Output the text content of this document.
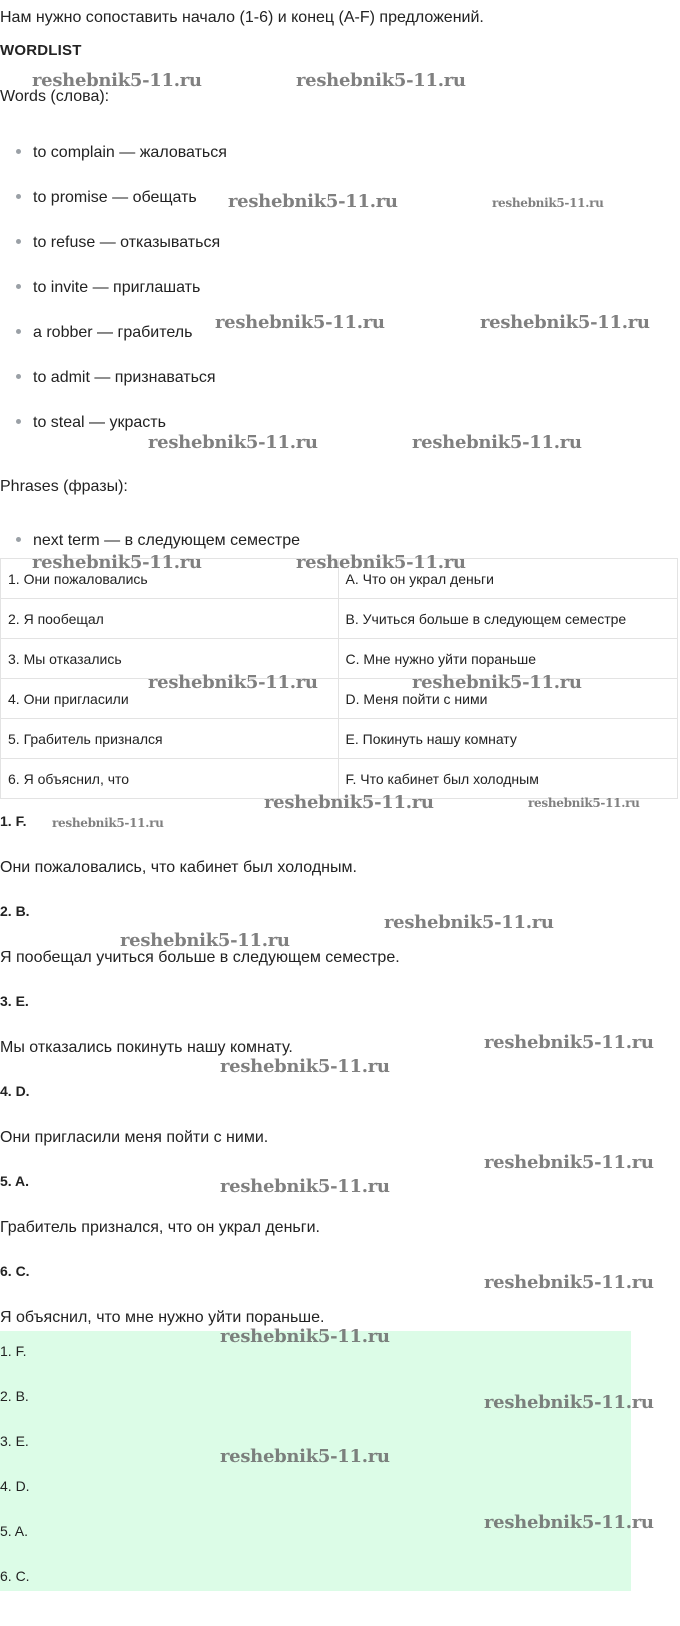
Нам нужно сопоставить начало (1-6) и конец (A-F) предложений.
WORDLIST
Words (слова):
to complain — жаловаться
to promise — обещать
to refuse — отказываться
to invite — приглашать
a robber — грабитель
to admit — признаваться
to steal — украсть
Phrases (фразы):
next term — в следующем семестре
1. Они пожаловались	A. Что он украл деньги
2. Я пообещал	B. Учиться больше в следующем семестре
3. Мы отказались	C. Мне нужно уйти пораньше
4. Они пригласили	D. Меня пойти с ними
5. Грабитель признался	E. Покинуть нашу комнату
6. Я объяснил, что	F. Что кабинет был холодным
1. F.
Они пожаловались, что кабинет был холодным.
2. B.
Я пообещал учиться больше в следующем семестре.
3. E.
Мы отказались покинуть нашу комнату.
4. D.
Они пригласили меня пойти с ними.
5. A.
Грабитель признался, что он украл деньги.
6. C.
Я объяснил, что мне нужно уйти пораньше.
1. F.
2. B.
3. E.
4. D.
5. A.
6. C.
reshebnik5-11.ru	reshebnik5-11.ru
reshebnik5-11.ru	reshebnik5-11.ru
reshebnik5-11.ru	reshebnik5-11.ru
reshebnik5-11.ru	reshebnik5-11.ru
reshebnik5-11.ru	reshebnik5-11.ru
reshebnik5-11.ru	reshebnik5-11.ru
reshebnik5-11.ru	reshebnik5-11.ru
reshebnik5-11.ru
reshebnik5-11.ru
reshebnik5-11.ru
reshebnik5-11.ru
reshebnik5-11.ru
reshebnik5-11.ru
reshebnik5-11.ru
reshebnik5-11.ru
reshebnik5-11.ru
reshebnik5-11.ru
reshebnik5-11.ru
reshebnik5-11.ru
